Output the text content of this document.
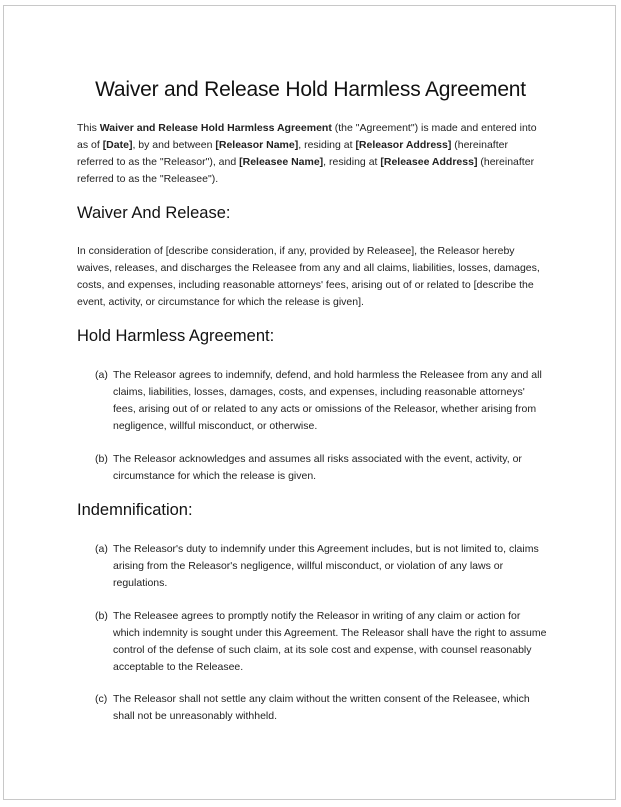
Waiver and Release Hold Harmless Agreement
This Waiver and Release Hold Harmless Agreement (the "Agreement") is made and entered into as of [Date], by and between [Releasor Name], residing at [Releasor Address] (hereinafter referred to as the "Releasor"), and [Releasee Name], residing at [Releasee Address] (hereinafter referred to as the "Releasee").
Waiver And Release:
In consideration of [describe consideration, if any, provided by Releasee], the Releasor hereby waives, releases, and discharges the Releasee from any and all claims, liabilities, losses, damages, costs, and expenses, including reasonable attorneys' fees, arising out of or related to [describe the event, activity, or circumstance for which the release is given].
Hold Harmless Agreement:
(a) The Releasor agrees to indemnify, defend, and hold harmless the Releasee from any and all claims, liabilities, losses, damages, costs, and expenses, including reasonable attorneys' fees, arising out of or related to any acts or omissions of the Releasor, whether arising from negligence, willful misconduct, or otherwise.
(b) The Releasor acknowledges and assumes all risks associated with the event, activity, or circumstance for which the release is given.
Indemnification:
(a) The Releasor's duty to indemnify under this Agreement includes, but is not limited to, claims arising from the Releasor's negligence, willful misconduct, or violation of any laws or regulations.
(b) The Releasee agrees to promptly notify the Releasor in writing of any claim or action for which indemnity is sought under this Agreement. The Releasor shall have the right to assume control of the defense of such claim, at its sole cost and expense, with counsel reasonably acceptable to the Releasee.
(c) The Releasor shall not settle any claim without the written consent of the Releasee, which shall not be unreasonably withheld.
